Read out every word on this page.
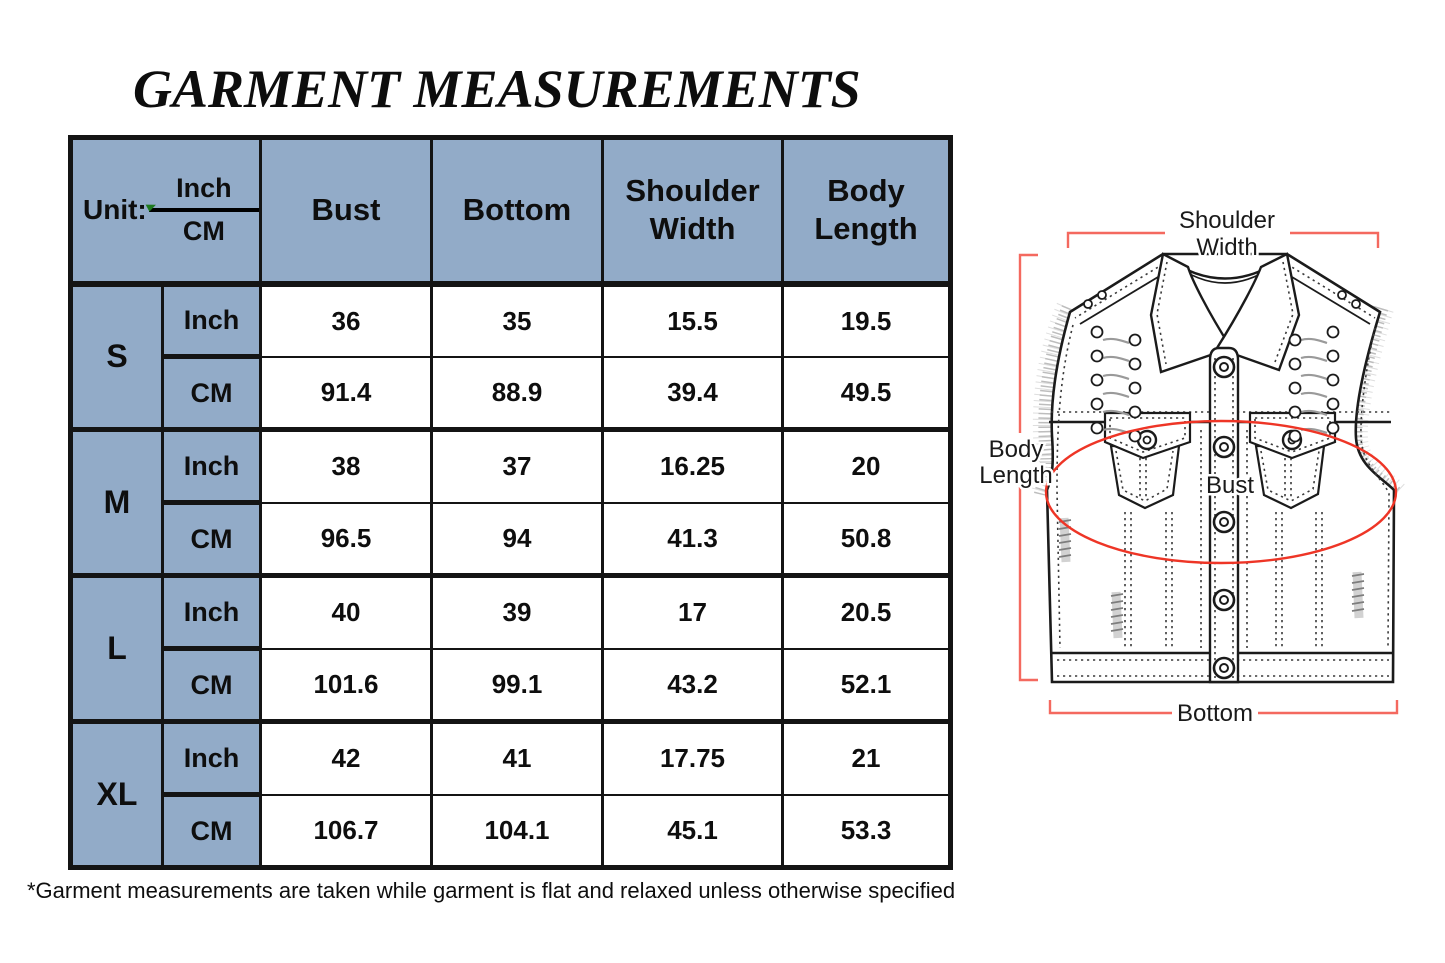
GARMENT MEASUREMENTS
Unit: $\frac{\text{Inch}}{CM}$		Bust	Bottom	Shoulder Width	Body Length
S	Inch	36	35	15.5	19.5
	CM	91.4	88.9	39.4	49.5
M	Inch	38	37	16.25	20
	CM	96.5	94	41.3	50.8
L	Inch	40	39	17	20.5
	CM	101.6	99.1	43.2	52.1
XL	Inch	42	41	17.75	21
	CM	106.7	104.1	45.1	53.3
*Garment measurements are taken while garment is flat and relaxed unless otherwise specified
Shoulder
Width
Body
Length	Bust
Bottom
